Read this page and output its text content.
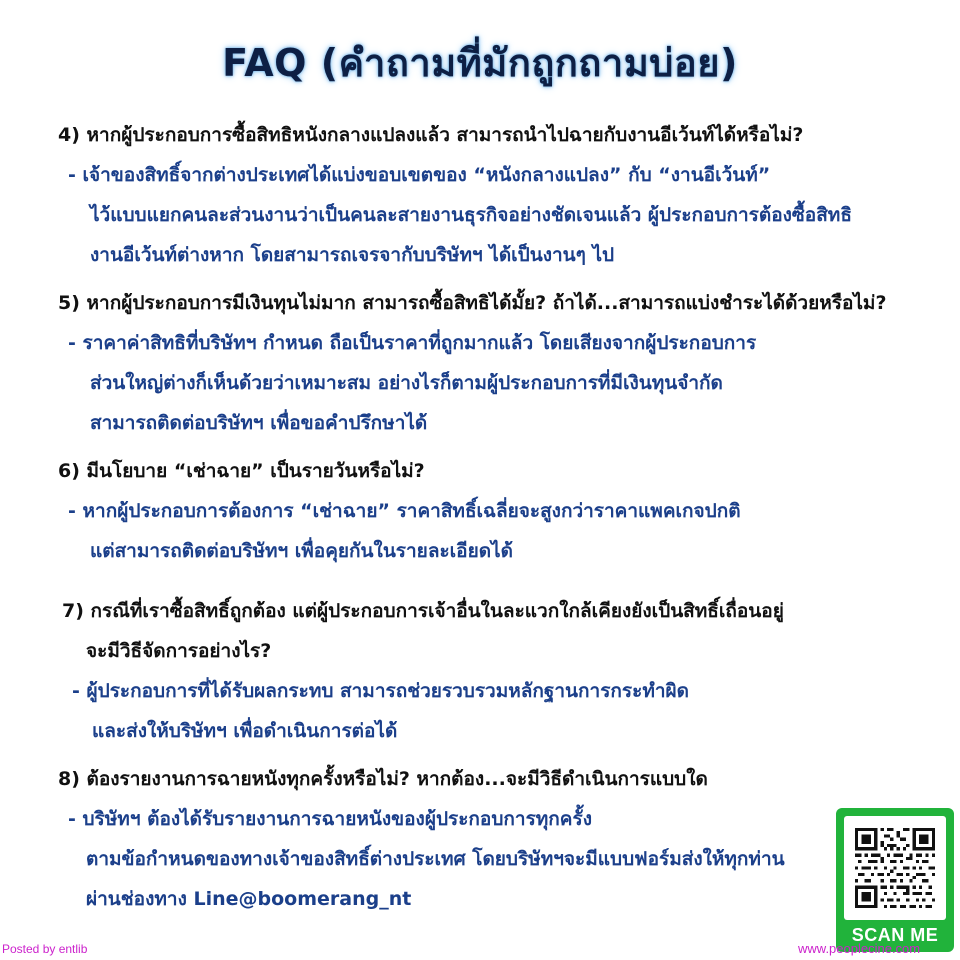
FAQ (คำถามที่มักถูกถามบ่อย)
4) หากผู้ประกอบการซื้อสิทธิหนังกลางแปลงแล้ว สามารถนำไปฉายกับงานอีเว้นท์ได้หรือไม่?
- เจ้าของสิทธิ์จากต่างประเทศได้แบ่งขอบเขตของ “หนังกลางแปลง” กับ “งานอีเว้นท์”
ไว้แบบแยกคนละส่วนงานว่าเป็นคนละสายงานธุรกิจอย่างชัดเจนแล้ว ผู้ประกอบการต้องซื้อสิทธิ
งานอีเว้นท์ต่างหาก โดยสามารถเจรจากับบริษัทฯ ได้เป็นงานๆ ไป
5) หากผู้ประกอบการมีเงินทุนไม่มาก สามารถซื้อสิทธิได้มั้ย? ถ้าได้...สามารถแบ่งชำระได้ด้วยหรือไม่?
- ราคาค่าสิทธิที่บริษัทฯ กำหนด ถือเป็นราคาที่ถูกมากแล้ว โดยเสียงจากผู้ประกอบการ
ส่วนใหญ่ต่างก็เห็นด้วยว่าเหมาะสม อย่างไรก็ตามผู้ประกอบการที่มีเงินทุนจำกัด
สามารถติดต่อบริษัทฯ เพื่อขอคำปรึกษาได้
6) มีนโยบาย “เช่าฉาย” เป็นรายวันหรือไม่?
- หากผู้ประกอบการต้องการ “เช่าฉาย” ราคาสิทธิ์เฉลี่ยจะสูงกว่าราคาแพคเกจปกติ
แต่สามารถติดต่อบริษัทฯ เพื่อคุยกันในรายละเอียดได้
7) กรณีที่เราซื้อสิทธิ์ถูกต้อง แต่ผู้ประกอบการเจ้าอื่นในละแวกใกล้เคียงยังเป็นสิทธิ์เถื่อนอยู่
จะมีวิธีจัดการอย่างไร?
- ผู้ประกอบการที่ได้รับผลกระทบ สามารถช่วยรวบรวมหลักฐานการกระทำผิด
และส่งให้บริษัทฯ เพื่อดำเนินการต่อได้
8) ต้องรายงานการฉายหนังทุกครั้งหรือไม่? หากต้อง...จะมีวิธีดำเนินการแบบใด
- บริษัทฯ ต้องได้รับรายงานการฉายหนังของผู้ประกอบการทุกครั้ง
ตามข้อกำหนดของทางเจ้าของสิทธิ์ต่างประเทศ โดยบริษัทฯจะมีแบบฟอร์มส่งให้ทุกท่าน
ผ่านช่องทาง Line@boomerang_nt
SCAN ME
Posted by entlib	www.peoplecine.com
